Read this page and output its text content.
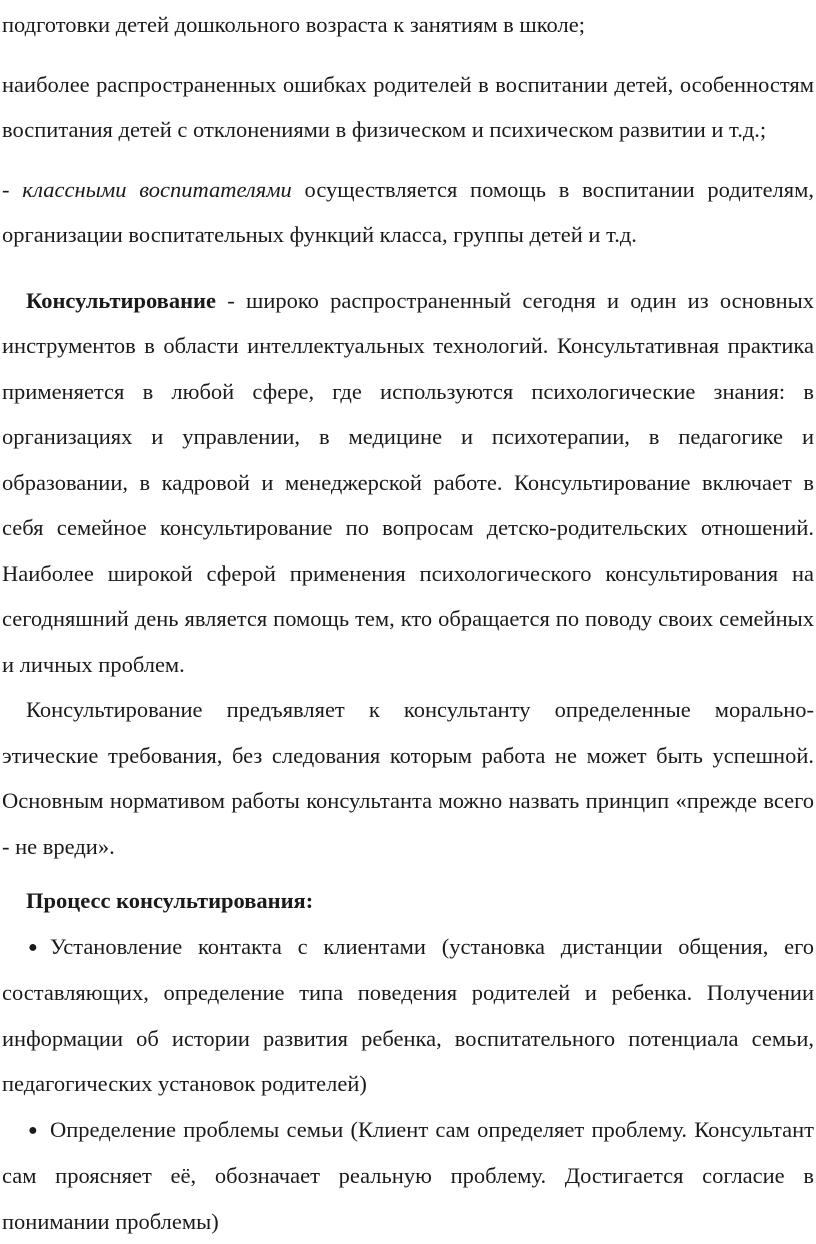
подготовки детей дошкольного возраста к занятиям в школе;

наиболее распространенных ошибках родителей в воспитании детей, особенностям воспитания детей с отклонениями в физическом и психическом развитии и т.д.;

- классными воспитателями осуществляется помощь в воспитании родителям, организации воспитательных функций класса, группы детей и т.д.

Консультирование - широко распространенный сегодня и один из основных инструментов в области интеллектуальных технологий. Консультативная практика применяется в любой сфере, где используются психологические знания: в организациях и управлении, в медицине и психотерапии, в педагогике и образовании, в кадровой и менеджерской работе. Консультирование включает в себя семейное консультирование по вопросам детско-родительских отношений. Наиболее широкой сферой применения психологического консультирования на сегодняшний день является помощь тем, кто обращается по поводу своих семейных и личных проблем.

Консультирование предъявляет к консультанту определенные морально-этические требования, без следования которым работа не может быть успешной. Основным нормативом работы консультанта можно назвать принцип «прежде всего - не вреди».

Процесс консультирования:

● Установление контакта с клиентами (установка дистанции общения, его составляющих, определение типа поведения родителей и ребенка. Получении информации об истории развития ребенка, воспитательного потенциала семьи, педагогических установок родителей)

● Определение проблемы семьи (Клиент сам определяет проблему. Консультант сам проясняет её, обозначает реальную проблему. Достигается согласие в понимании проблемы)
